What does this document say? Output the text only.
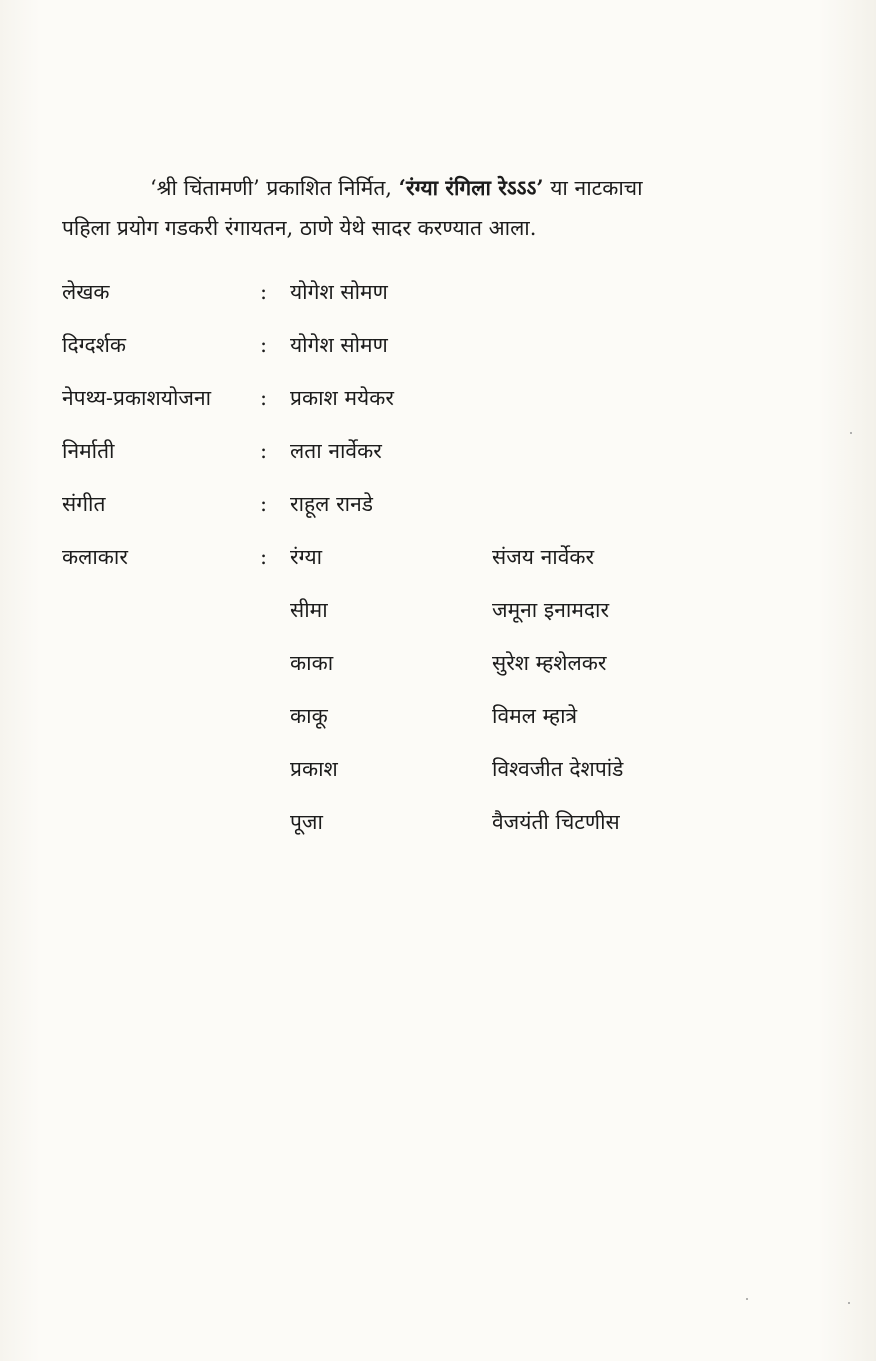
‘श्री चिंतामणी’ प्रकाशित निर्मित, ‘रंग्या रंगिला रेऽऽऽ’ या नाटकाचा

पहिला प्रयोग गडकरी रंगायतन, ठाणे येथे सादर करण्यात आला.

लेखक	: योगेश सोमण
दिग्दर्शक	: योगेश सोमण
नेपथ्य-प्रकाशयोजना : प्रकाश मयेकर
निर्माती	: लता नार्वेकर
संगीत	: राहूल रानडे
कलाकार	: रंग्या	संजय नार्वेकर
सीमा	जमूना इनामदार
काका	सुरेश म्हशेलकर
काकू	विमल म्हात्रे
प्रकाश	विश्‍वजीत देशपांडे
पूजा	वैजयंती चिटणीस
